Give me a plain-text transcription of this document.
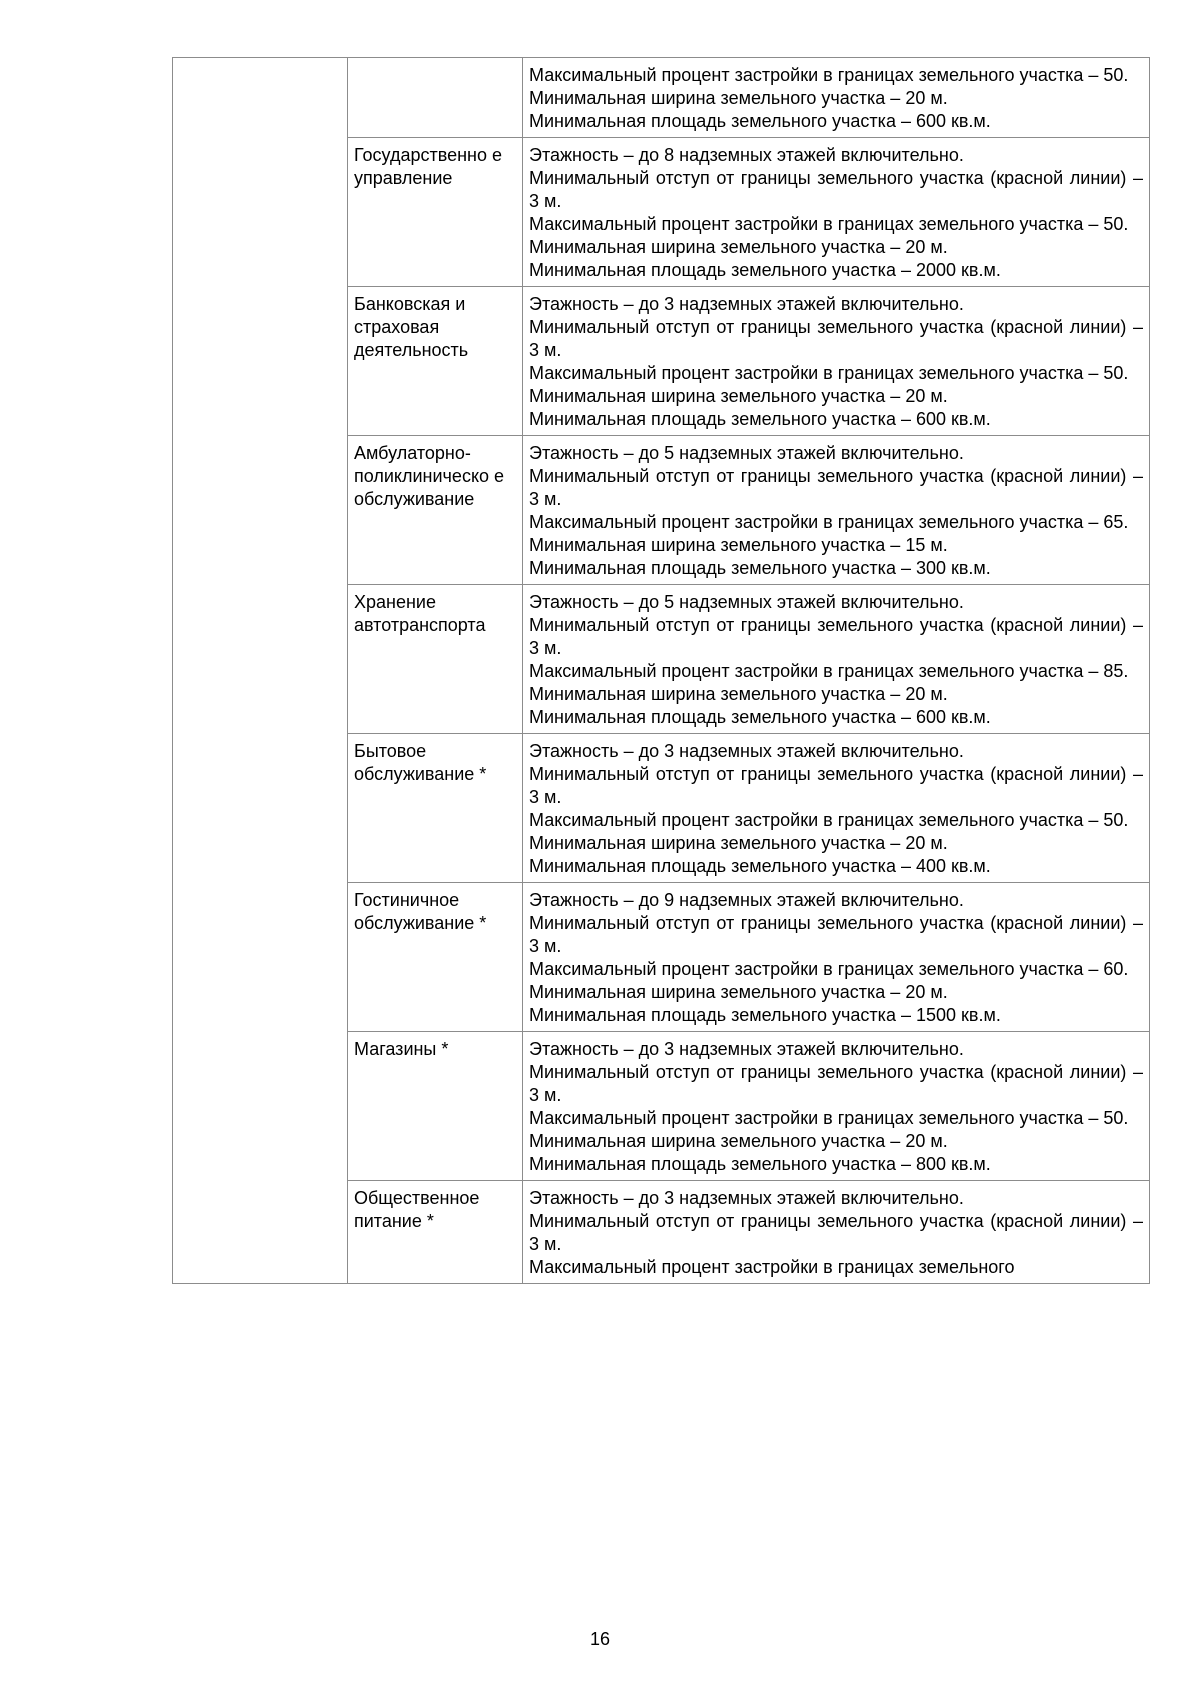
		Максимальный процент застройки в границах земельного участка – 50.
Минимальная ширина земельного участка – 20 м.
Минимальная площадь земельного участка – 600 кв.м.

	Государственно е управление	Этажность – до 8 надземных этажей включительно.
Минимальный отступ от границы земельного участка (красной линии) – 3 м.
Максимальный процент застройки в границах земельного участка – 50.
Минимальная ширина земельного участка – 20 м.
Минимальная площадь земельного участка – 2000 кв.м.

	Банковская и страховая деятельность	Этажность – до 3 надземных этажей включительно.
Минимальный отступ от границы земельного участка (красной линии) – 3 м.
Максимальный процент застройки в границах земельного участка – 50.
Минимальная ширина земельного участка – 20 м.
Минимальная площадь земельного участка – 600 кв.м.

	Амбулаторно-поликлиническо е обслуживание	Этажность – до 5 надземных этажей включительно.
Минимальный отступ от границы земельного участка (красной линии) – 3 м.
Максимальный процент застройки в границах земельного участка – 65.
Минимальная ширина земельного участка – 15 м.
Минимальная площадь земельного участка – 300 кв.м.

	Хранение автотранспорта	Этажность – до 5 надземных этажей включительно.
Минимальный отступ от границы земельного участка (красной линии) – 3 м.
Максимальный процент застройки в границах земельного участка – 85.
Минимальная ширина земельного участка – 20 м.
Минимальная площадь земельного участка – 600 кв.м.

	Бытовое обслуживание *	Этажность – до 3 надземных этажей включительно.
Минимальный отступ от границы земельного участка (красной линии) – 3 м.
Максимальный процент застройки в границах земельного участка – 50.
Минимальная ширина земельного участка – 20 м.
Минимальная площадь земельного участка – 400 кв.м.

	Гостиничное обслуживание *	Этажность – до 9 надземных этажей включительно.
Минимальный отступ от границы земельного участка (красной линии) – 3 м.
Максимальный процент застройки в границах земельного участка – 60.
Минимальная ширина земельного участка – 20 м.
Минимальная площадь земельного участка – 1500 кв.м.

	Магазины *	Этажность – до 3 надземных этажей включительно.
Минимальный отступ от границы земельного участка (красной линии) – 3 м.
Максимальный процент застройки в границах земельного участка – 50.
Минимальная ширина земельного участка – 20 м.
Минимальная площадь земельного участка – 800 кв.м.

	Общественное питание *	Этажность – до 3 надземных этажей включительно.
Минимальный отступ от границы земельного участка (красной линии) – 3 м.
Максимальный процент застройки в границах земельного
16
